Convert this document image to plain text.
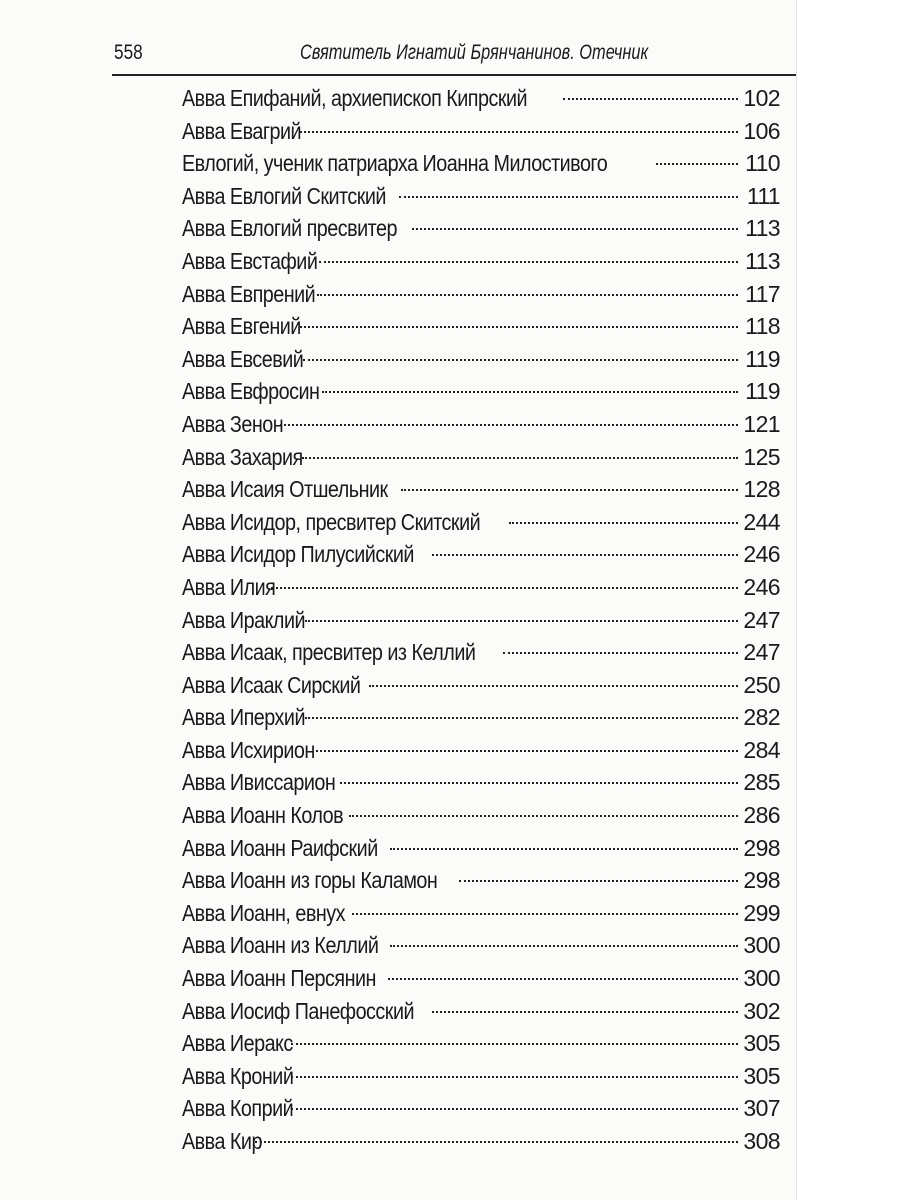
558	Святитель Игнатий Брянчанинов. Отечник
Авва Епифаний, архиепископ Кипрский	102
Авва Евагрий	106
Евлогий, ученик патриарха Иоанна Милостивого	110
Авва Евлогий Скитский	111
Авва Евлогий пресвитер	113
Авва Евстафий	113
Авва Евпрений	117
Авва Евгений	118
Авва Евсевий	119
Авва Евфросин	119
Авва Зенон	121
Авва Захария	125
Авва Исаия Отшельник	128
Авва Исидор, пресвитер Скитский	244
Авва Исидор Пилусийский	246
Авва Илия	246
Авва Ираклий	247
Авва Исаак, пресвитер из Келлий	247
Авва Исаак Сирский	250
Авва Иперхий	282
Авва Исхирион	284
Авва Ивиссарион	285
Авва Иоанн Колов	286
Авва Иоанн Раифский	298
Авва Иоанн из горы Каламон	298
Авва Иоанн, евнух	299
Авва Иоанн из Келлий	300
Авва Иоанн Персянин	300
Авва Иосиф Панефосский	302
Авва Иеракс	305
Авва Кроний	305
Авва Коприй	307
Авва Кир	308
